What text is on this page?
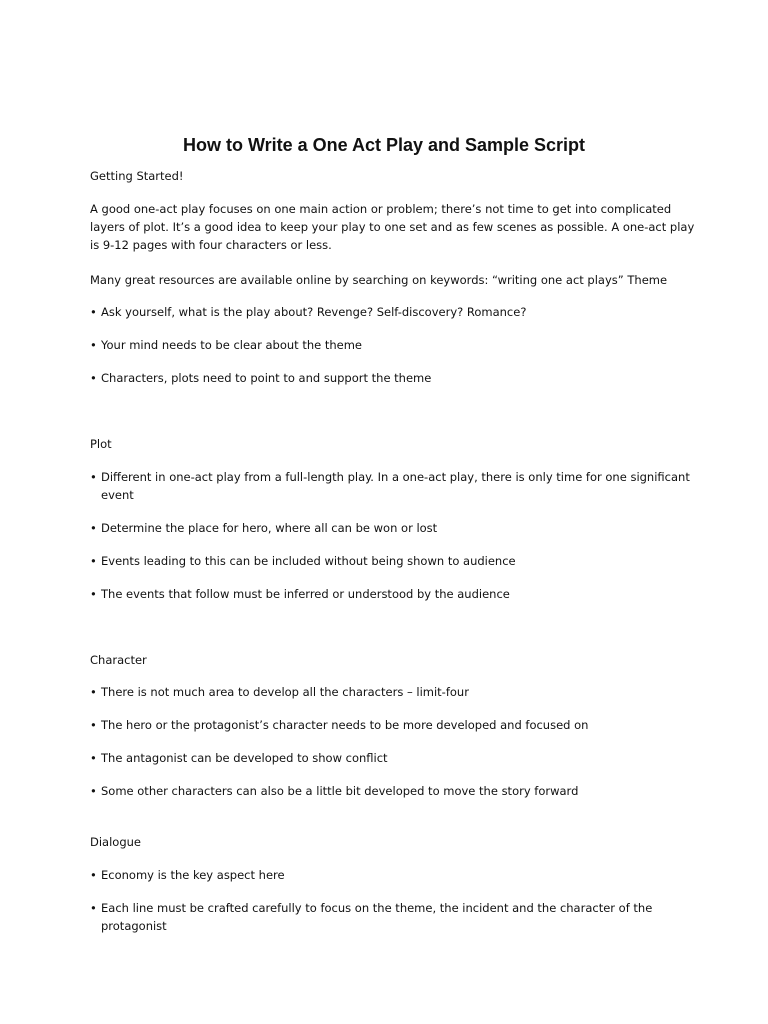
How to Write a One Act Play and Sample Script
Getting Started!
A good one-act play focuses on one main action or problem; there’s not time to get into complicated
layers of plot. It’s a good idea to keep your play to one set and as few scenes as possible. A one-act play
is 9-12 pages with four characters or less.
Many great resources are available online by searching on keywords: “writing one act plays” Theme
• Ask yourself, what is the play about? Revenge? Self-discovery? Romance?
• Your mind needs to be clear about the theme
• Characters, plots need to point to and support the theme
Plot
• Different in one-act play from a full-length play. In a one-act play, there is only time for one significant
event
• Determine the place for hero, where all can be won or lost
• Events leading to this can be included without being shown to audience
• The events that follow must be inferred or understood by the audience
Character
• There is not much area to develop all the characters – limit-four
• The hero or the protagonist’s character needs to be more developed and focused on
• The antagonist can be developed to show conflict
• Some other characters can also be a little bit developed to move the story forward
Dialogue
• Economy is the key aspect here
• Each line must be crafted carefully to focus on the theme, the incident and the character of the
protagonist
